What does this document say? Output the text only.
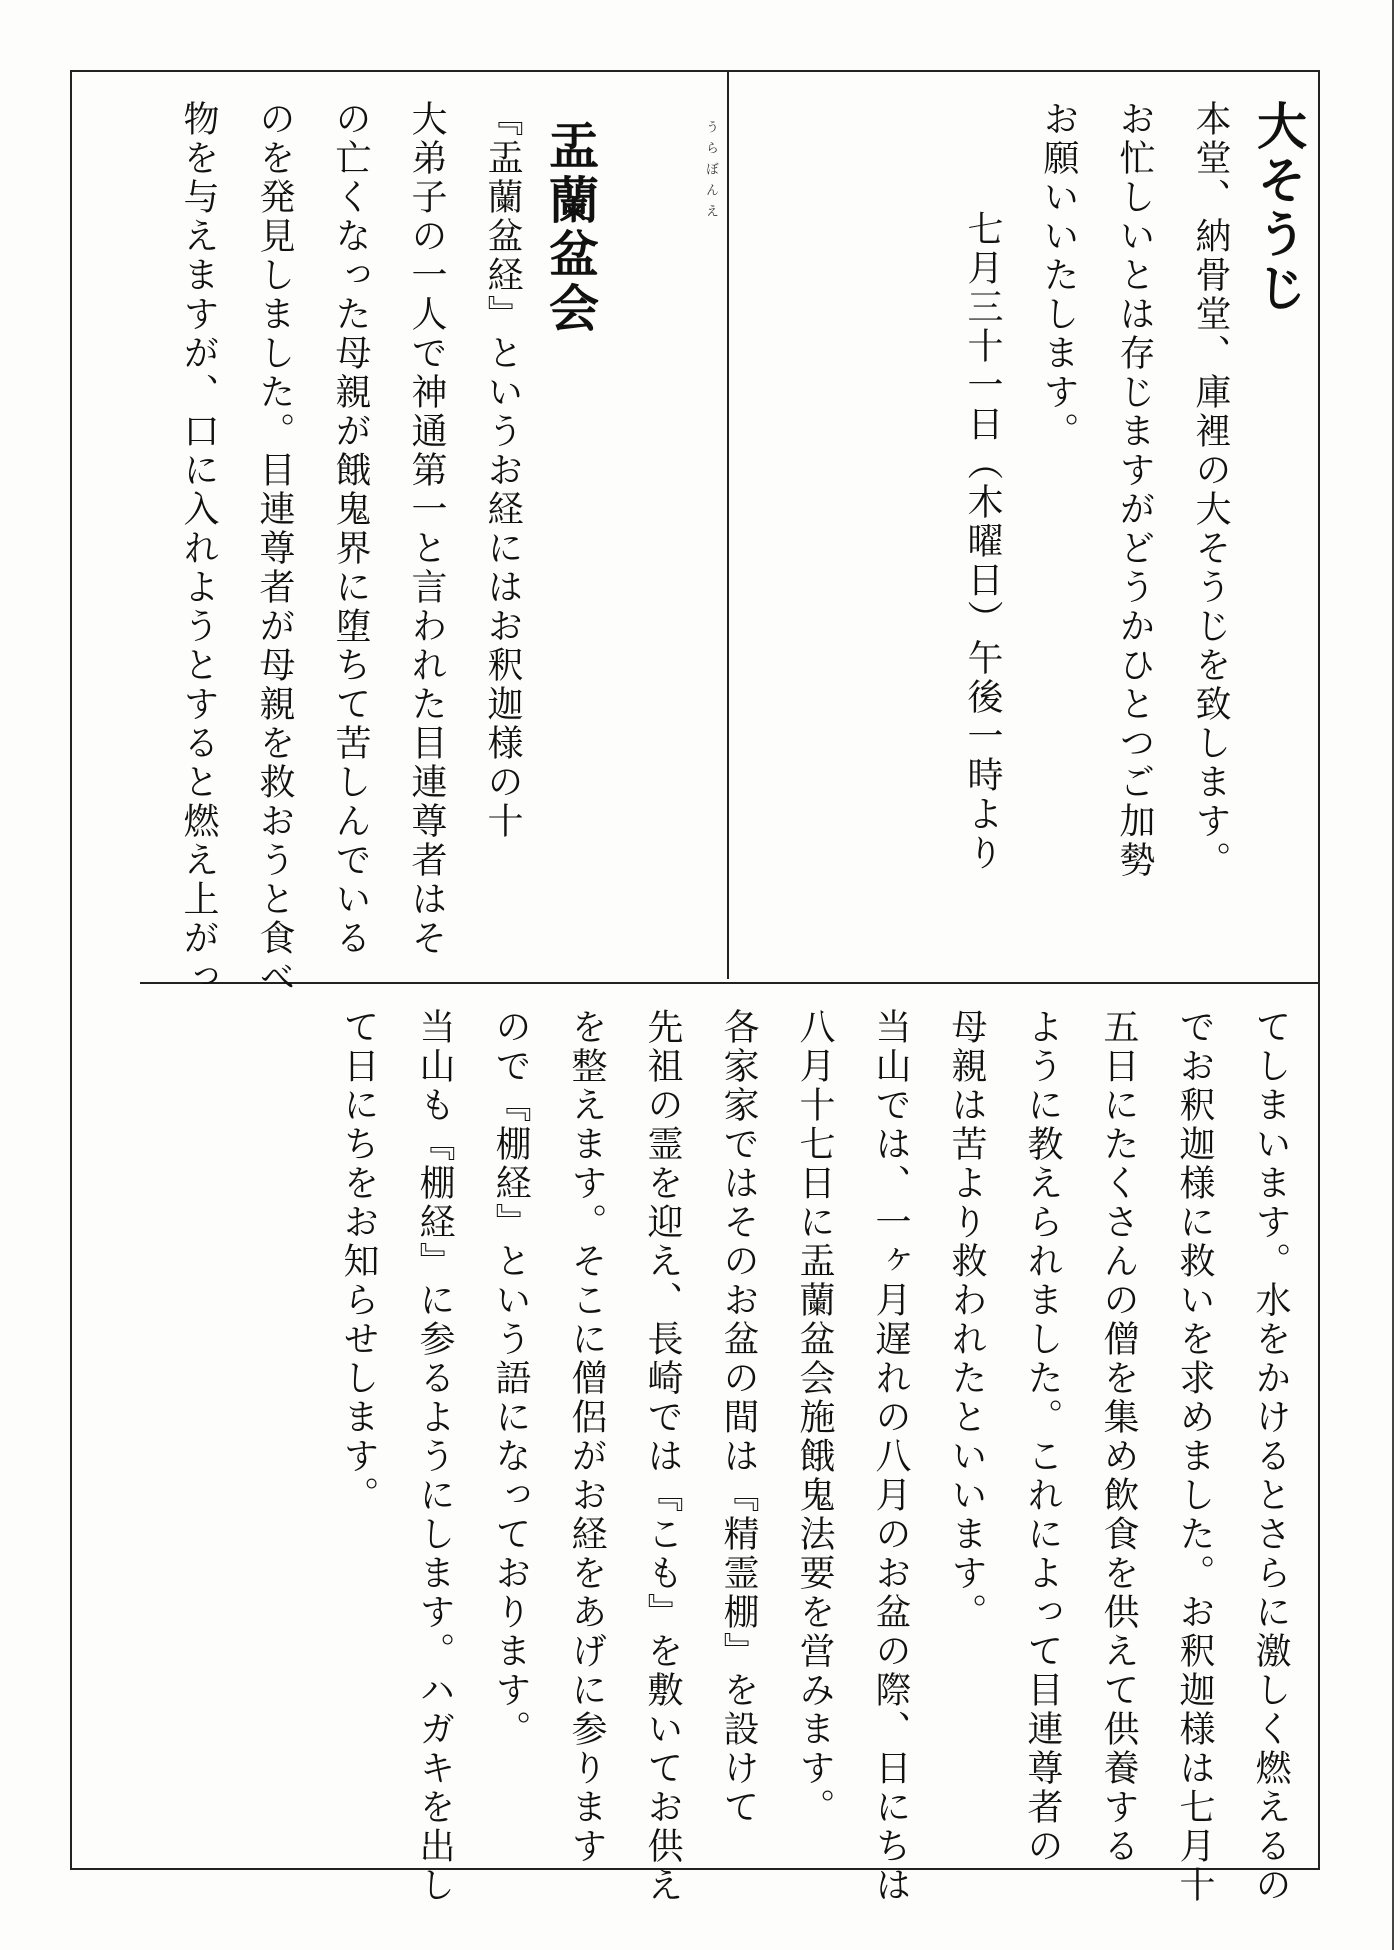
大そうじ
本堂、納骨堂、庫裡の大そうじを致します。
お忙しいとは存じますがどうかひとつご加勢
お願いいたします。
七月三十一日（木曜日）午後一時より
うらぼんえ
盂蘭盆会
『盂蘭盆経』というお経にはお釈迦様の十
大弟子の一人で神通第一と言われた目連尊者はそ
の亡くなった母親が餓鬼界に堕ちて苦しんでいる
のを発見しました。目連尊者が母親を救おうと食べ
物を与えますが、口に入れようとすると燃え上がっ
てしまいます。水をかけるとさらに激しく燃えるの
でお釈迦様に救いを求めました。お釈迦様は七月十
五日にたくさんの僧を集め飲食を供えて供養する
ように教えられました。これによって目連尊者の
母親は苦より救われたといいます。
当山では、一ヶ月遅れの八月のお盆の際、日にちは
八月十七日に盂蘭盆会施餓鬼法要を営みます。
各家家ではそのお盆の間は『精霊棚』を設けて
先祖の霊を迎え、長崎では『こも』を敷いてお供え
を整えます。そこに僧侶がお経をあげに参ります
ので『棚経』という語になっております。
当山も『棚経』に参るようにします。ハガキを出し
て日にちをお知らせします。
